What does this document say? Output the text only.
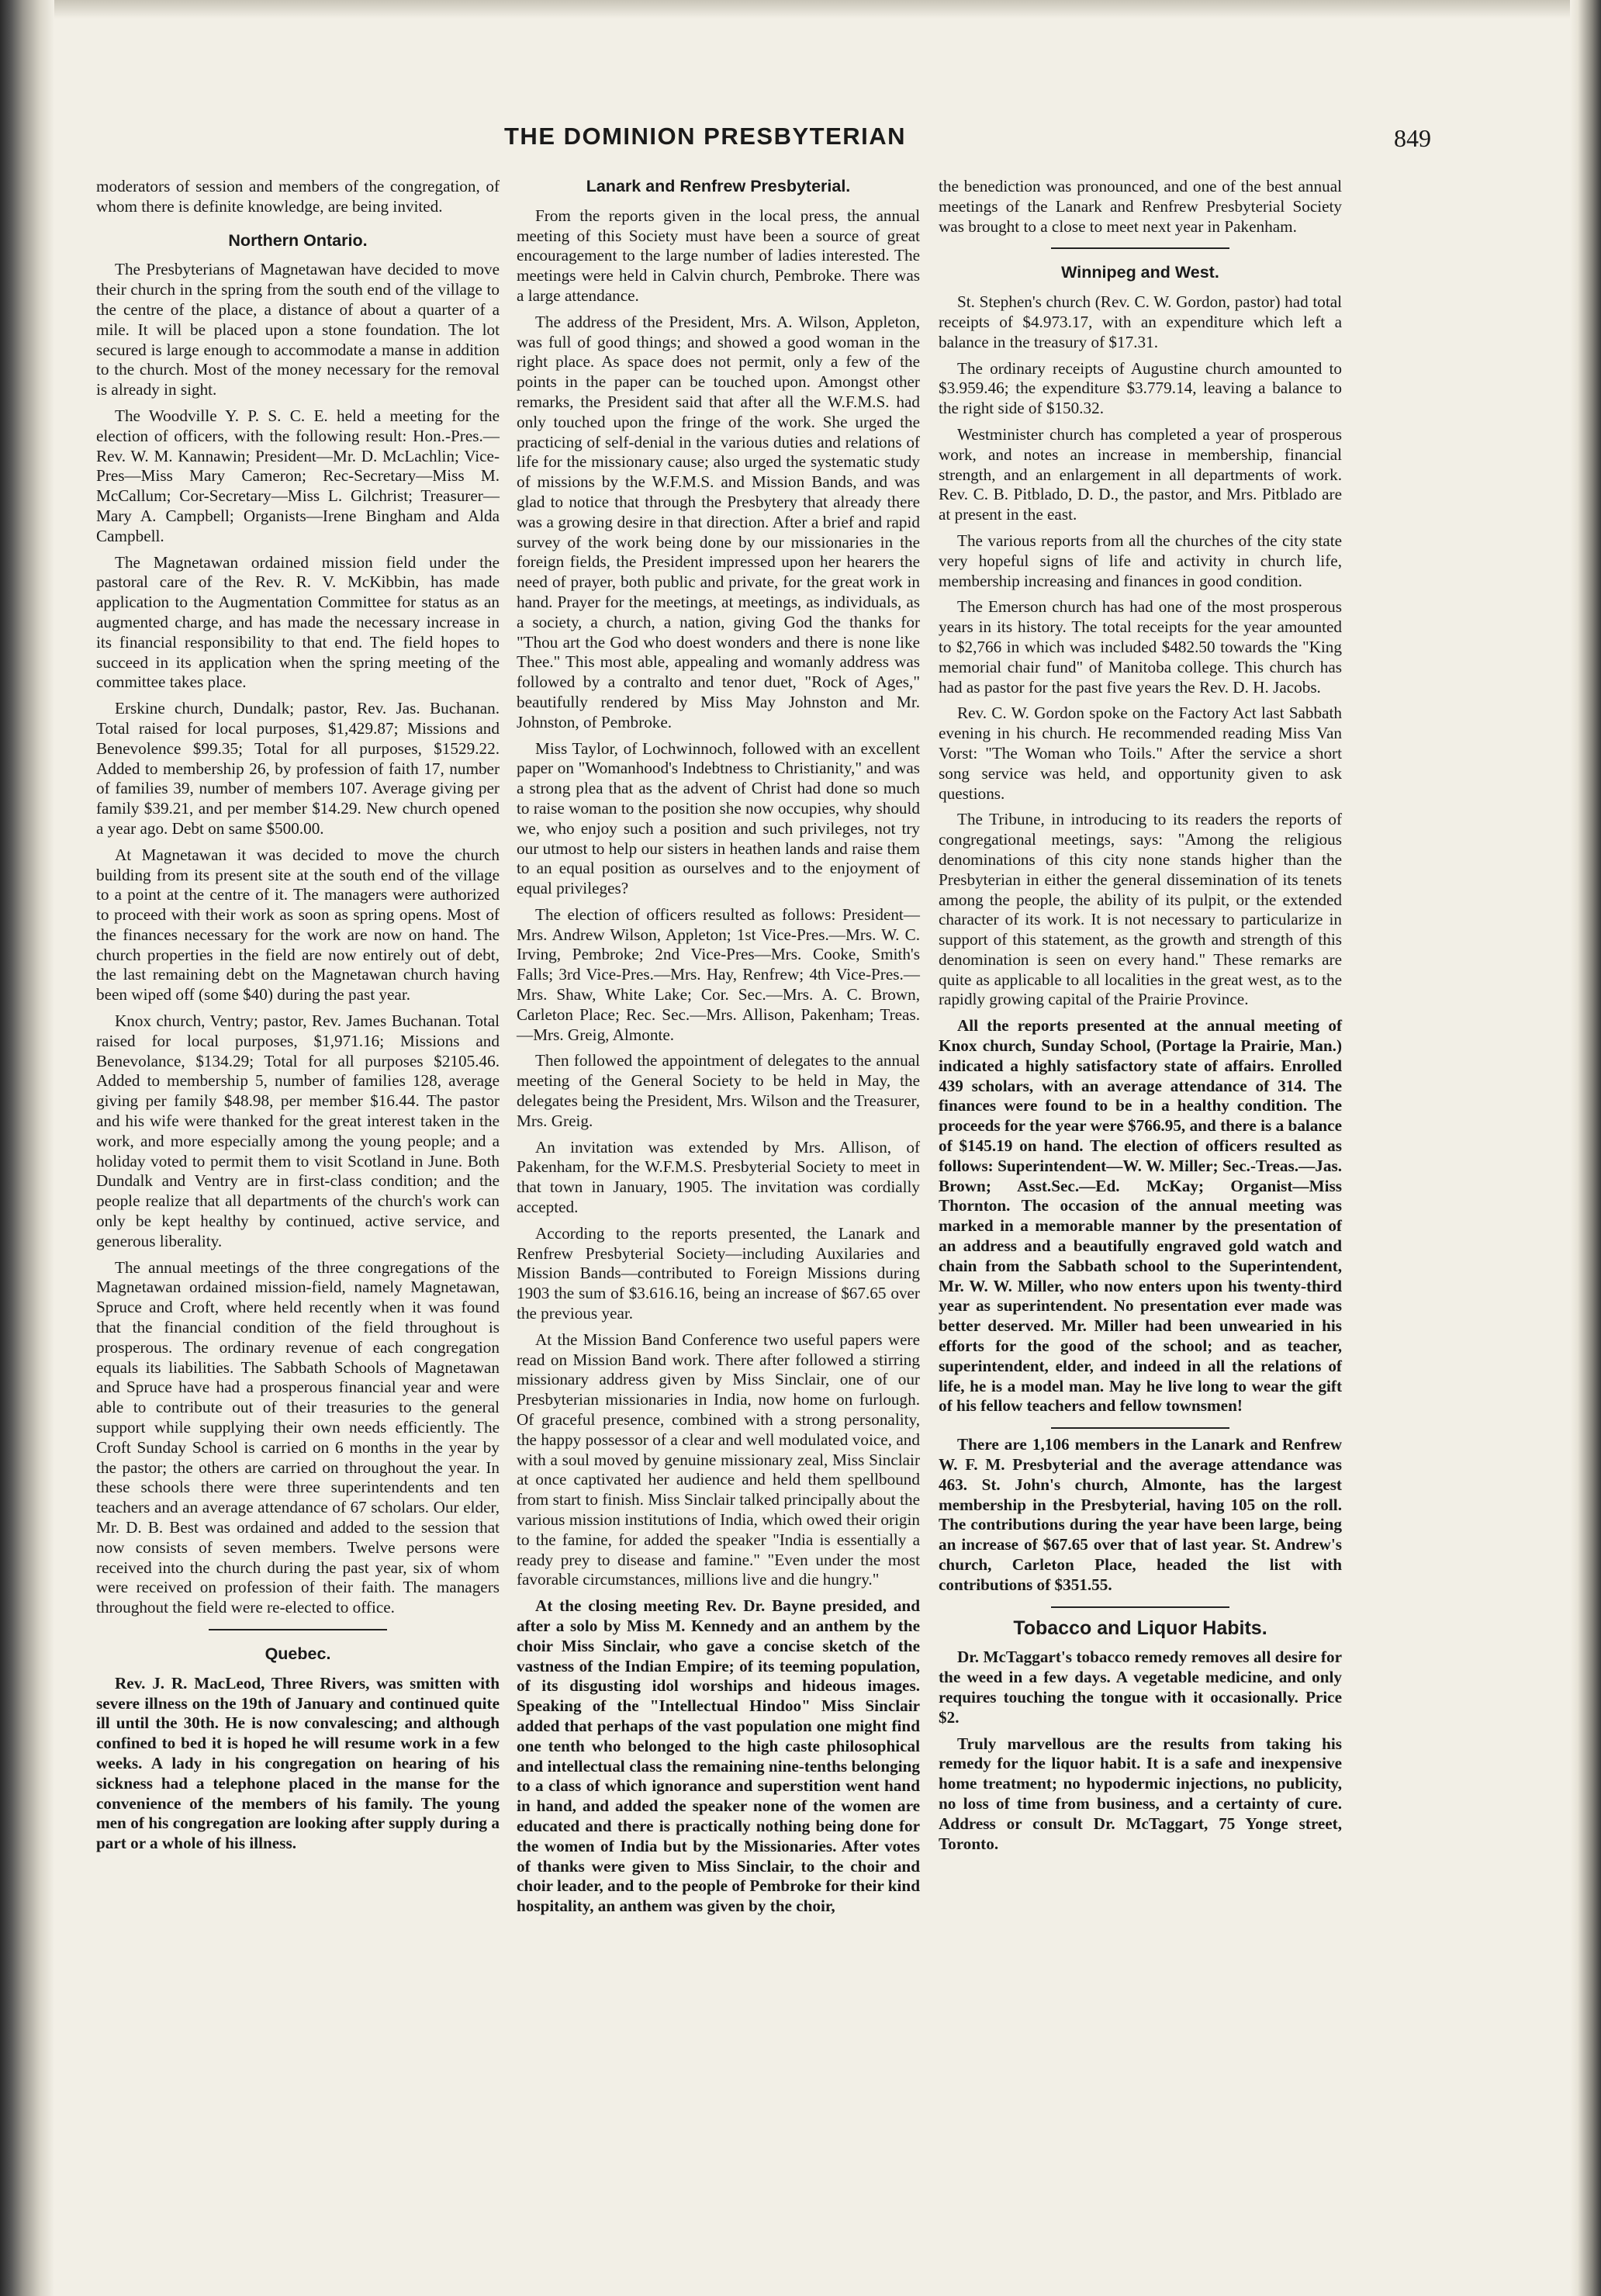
THE DOMINION PRESBYTERIAN	849

moderators of session and members of the congregation, of whom there is definite knowledge, are being invited.

Northern Ontario.

The Presbyterians of Magnetawan have decided to move their church in the spring from the south end of the village to the centre of the place, a distance of about a quarter of a mile. It will be placed upon a stone foundation. The lot secured is large enough to accommodate a manse in addition to the church. Most of the money necessary for the removal is already in sight.

The Woodville Y. P. S. C. E. held a meeting for the election of officers, with the following result: Hon.-Pres.—Rev. W. M. Kannawin; President—Mr. D. McLachlin; Vice-Pres—Miss Mary Cameron; Rec-Secretary—Miss M. McCallum; Cor-Secretary—Miss L. Gilchrist; Treasurer—Mary A. Campbell; Organists—Irene Bingham and Alda Campbell.

The Magnetawan ordained mission field under the pastoral care of the Rev. R. V. McKibbin, has made application to the Augmentation Committee for status as an augmented charge, and has made the necessary increase in its financial responsibility to that end. The field hopes to succeed in its application when the spring meeting of the committee takes place.

Erskine church, Dundalk; pastor, Rev. Jas. Buchanan. Total raised for local purposes, $1,429.87; Missions and Benevolence $99.35; Total for all purposes, $1529.22. Added to membership 26, by profession of faith 17, number of families 39, number of members 107. Average giving per family $39.21, and per member $14.29. New church opened a year ago. Debt on same $500.00.

At Magnetawan it was decided to move the church building from its present site at the south end of the village to a point at the centre of it. The managers were authorized to proceed with their work as soon as spring opens. Most of the finances necessary for the work are now on hand. The church properties in the field are now entirely out of debt, the last remaining debt on the Magnetawan church having been wiped off (some $40) during the past year.

Knox church, Ventry; pastor, Rev. James Buchanan. Total raised for local purposes, $1,971.16; Missions and Benevolance, $134.29; Total for all purposes $2105.46. Added to membership 5, number of families 128, average giving per family $48.98, per member $16.44. The pastor and his wife were thanked for the great interest taken in the work, and more especially among the young people; and a holiday voted to permit them to visit Scotland in June. Both Dundalk and Ventry are in first-class condition; and the people realize that all departments of the church's work can only be kept healthy by continued, active service, and generous liberality.

The annual meetings of the three congregations of the Magnetawan ordained mission-field, namely Magnetawan, Spruce and Croft, where held recently when it was found that the financial condition of the field throughout is prosperous. The ordinary revenue of each congregation equals its liabilities. The Sabbath Schools of Magnetawan and Spruce have had a prosperous financial year and were able to contribute out of their treasuries to the general support while supplying their own needs efficiently. The Croft Sunday School is carried on 6 months in the year by the pastor; the others are carried on throughout the year. In these schools there were three superintendents and ten teachers and an average attendance of 67 scholars. Our elder, Mr. D. B. Best was ordained and added to the session that now consists of seven members. Twelve persons were received into the church during the past year, six of whom were received on profession of their faith. The managers throughout the field were re-elected to office.

Quebec.

Rev. J. R. MacLeod, Three Rivers, was smitten with severe illness on the 19th of January and continued quite ill until the 30th. He is now convalescing; and although confined to bed it is hoped he will resume work in a few weeks. A lady in his congregation on hearing of his sickness had a telephone placed in the manse for the convenience of the members of his family. The young men of his congregation are looking after supply during a part or a whole of his illness.

Lanark and Renfrew Presbyterial.

From the reports given in the local press, the annual meeting of this Society must have been a source of great encouragement to the large number of ladies interested. The meetings were held in Calvin church, Pembroke. There was a large attendance.

The address of the President, Mrs. A. Wilson, Appleton, was full of good things; and showed a good woman in the right place. As space does not permit, only a few of the points in the paper can be touched upon. Amongst other remarks, the President said that after all the W.F.M.S. had only touched upon the fringe of the work. She urged the practicing of self-denial in the various duties and relations of life for the missionary cause; also urged the systematic study of missions by the W.F.M.S. and Mission Bands, and was glad to notice that through the Presbytery that already there was a growing desire in that direction. After a brief and rapid survey of the work being done by our missionaries in the foreign fields, the President impressed upon her hearers the need of prayer, both public and private, for the great work in hand. Prayer for the meetings, at meetings, as individuals, as a society, a church, a nation, giving God the thanks for "Thou art the God who doest wonders and there is none like Thee." This most able, appealing and womanly address was followed by a contralto and tenor duet, "Rock of Ages," beautifully rendered by Miss May Johnston and Mr. Johnston, of Pembroke.

Miss Taylor, of Lochwinnoch, followed with an excellent paper on "Womanhood's Indebtness to Christianity," and was a strong plea that as the advent of Christ had done so much to raise woman to the position she now occupies, why should we, who enjoy such a position and such privileges, not try our utmost to help our sisters in heathen lands and raise them to an equal position as ourselves and to the enjoyment of equal privileges?

The election of officers resulted as follows: President—Mrs. Andrew Wilson, Appleton; 1st Vice-Pres.—Mrs. W. C. Irving, Pembroke; 2nd Vice-Pres—Mrs. Cooke, Smith's Falls; 3rd Vice-Pres.—Mrs. Hay, Renfrew; 4th Vice-Pres.—Mrs. Shaw, White Lake; Cor. Sec.—Mrs. A. C. Brown, Carleton Place; Rec. Sec.—Mrs. Allison, Pakenham; Treas.—Mrs. Greig, Almonte.

Then followed the appointment of delegates to the annual meeting of the General Society to be held in May, the delegates being the President, Mrs. Wilson and the Treasurer, Mrs. Greig.

An invitation was extended by Mrs. Allison, of Pakenham, for the W.F.M.S. Presbyterial Society to meet in that town in January, 1905. The invitation was cordially accepted.

According to the reports presented, the Lanark and Renfrew Presbyterial Society—including Auxilaries and Mission Bands—contributed to Foreign Missions during 1903 the sum of $3.616.16, being an increase of $67.65 over the previous year.

At the Mission Band Conference two useful papers were read on Mission Band work. There after followed a stirring missionary address given by Miss Sinclair, one of our Presbyterian missionaries in India, now home on furlough. Of graceful presence, combined with a strong personality, the happy possessor of a clear and well modulated voice, and with a soul moved by genuine missionary zeal, Miss Sinclair at once captivated her audience and held them spellbound from start to finish. Miss Sinclair talked principally about the various mission institutions of India, which owed their origin to the famine, for added the speaker "India is essentially a ready prey to disease and famine." "Even under the most favorable circumstances, millions live and die hungry."

At the closing meeting Rev. Dr. Bayne presided, and after a solo by Miss M. Kennedy and an anthem by the choir Miss Sinclair, who gave a concise sketch of the vastness of the Indian Empire; of its teeming population, of its disgusting idol worships and hideous images. Speaking of the "Intellectual Hindoo" Miss Sinclair added that perhaps of the vast population one might find one tenth who belonged to the high caste philosophical and intellectual class the remaining nine-tenths belonging to a class of which ignorance and superstition went hand in hand, and added the speaker none of the women are educated and there is practically nothing being done for the women of India but by the Missionaries. After votes of thanks were given to Miss Sinclair, to the choir and choir leader, and to the people of Pembroke for their kind hospitality, an anthem was given by the choir,

the benediction was pronounced, and one of the best annual meetings of the Lanark and Renfrew Presbyterial Society was brought to a close to meet next year in Pakenham.

Winnipeg and West.

St. Stephen's church (Rev. C. W. Gordon, pastor) had total receipts of $4.973.17, with an expenditure which left a balance in the treasury of $17.31.

The ordinary receipts of Augustine church amounted to $3.959.46; the expenditure $3.779.14, leaving a balance to the right side of $150.32.

Westminister church has completed a year of prosperous work, and notes an increase in membership, financial strength, and an enlargement in all departments of work. Rev. C. B. Pitblado, D. D., the pastor, and Mrs. Pitblado are at present in the east.

The various reports from all the churches of the city state very hopeful signs of life and activity in church life, membership increasing and finances in good condition.

The Emerson church has had one of the most prosperous years in its history. The total receipts for the year amounted to $2,766 in which was included $482.50 towards the "King memorial chair fund" of Manitoba college. This church has had as pastor for the past five years the Rev. D. H. Jacobs.

Rev. C. W. Gordon spoke on the Factory Act last Sabbath evening in his church. He recommended reading Miss Van Vorst: "The Woman who Toils." After the service a short song service was held, and opportunity given to ask questions.

The Tribune, in introducing to its readers the reports of congregational meetings, says: "Among the religious denominations of this city none stands higher than the Presbyterian in either the general dissemination of its tenets among the people, the ability of its pulpit, or the extended character of its work. It is not necessary to particularize in support of this statement, as the growth and strength of this denomination is seen on every hand." These remarks are quite as applicable to all localities in the great west, as to the rapidly growing capital of the Prairie Province.

All the reports presented at the annual meeting of Knox church, Sunday School, (Portage la Prairie, Man.) indicated a highly satisfactory state of affairs. Enrolled 439 scholars, with an average attendance of 314. The finances were found to be in a healthy condition. The proceeds for the year were $766.95, and there is a balance of $145.19 on hand. The election of officers resulted as follows: Superintendent—W. W. Miller; Sec.-Treas.—Jas. Brown; Asst.Sec.—Ed. McKay; Organist—Miss Thornton. The occasion of the annual meeting was marked in a memorable manner by the presentation of an address and a beautifully engraved gold watch and chain from the Sabbath school to the Superintendent, Mr. W. W. Miller, who now enters upon his twenty-third year as superintendent. No presentation ever made was better deserved. Mr. Miller had been unwearied in his efforts for the good of the school; and as teacher, superintendent, elder, and indeed in all the relations of life, he is a model man. May he live long to wear the gift of his fellow teachers and fellow townsmen!

There are 1,106 members in the Lanark and Renfrew W. F. M. Presbyterial and the average attendance was 463. St. John's church, Almonte, has the largest membership in the Presbyterial, having 105 on the roll. The contributions during the year have been large, being an increase of $67.65 over that of last year. St. Andrew's church, Carleton Place, headed the list with contributions of $351.55.

Tobacco and Liquor Habits.

Dr. McTaggart's tobacco remedy removes all desire for the weed in a few days. A vegetable medicine, and only requires touching the tongue with it occasionally. Price $2.

Truly marvellous are the results from taking his remedy for the liquor habit. It is a safe and inexpensive home treatment; no hypodermic injections, no publicity, no loss of time from business, and a certainty of cure. Address or consult Dr. McTaggart, 75 Yonge street, Toronto.
